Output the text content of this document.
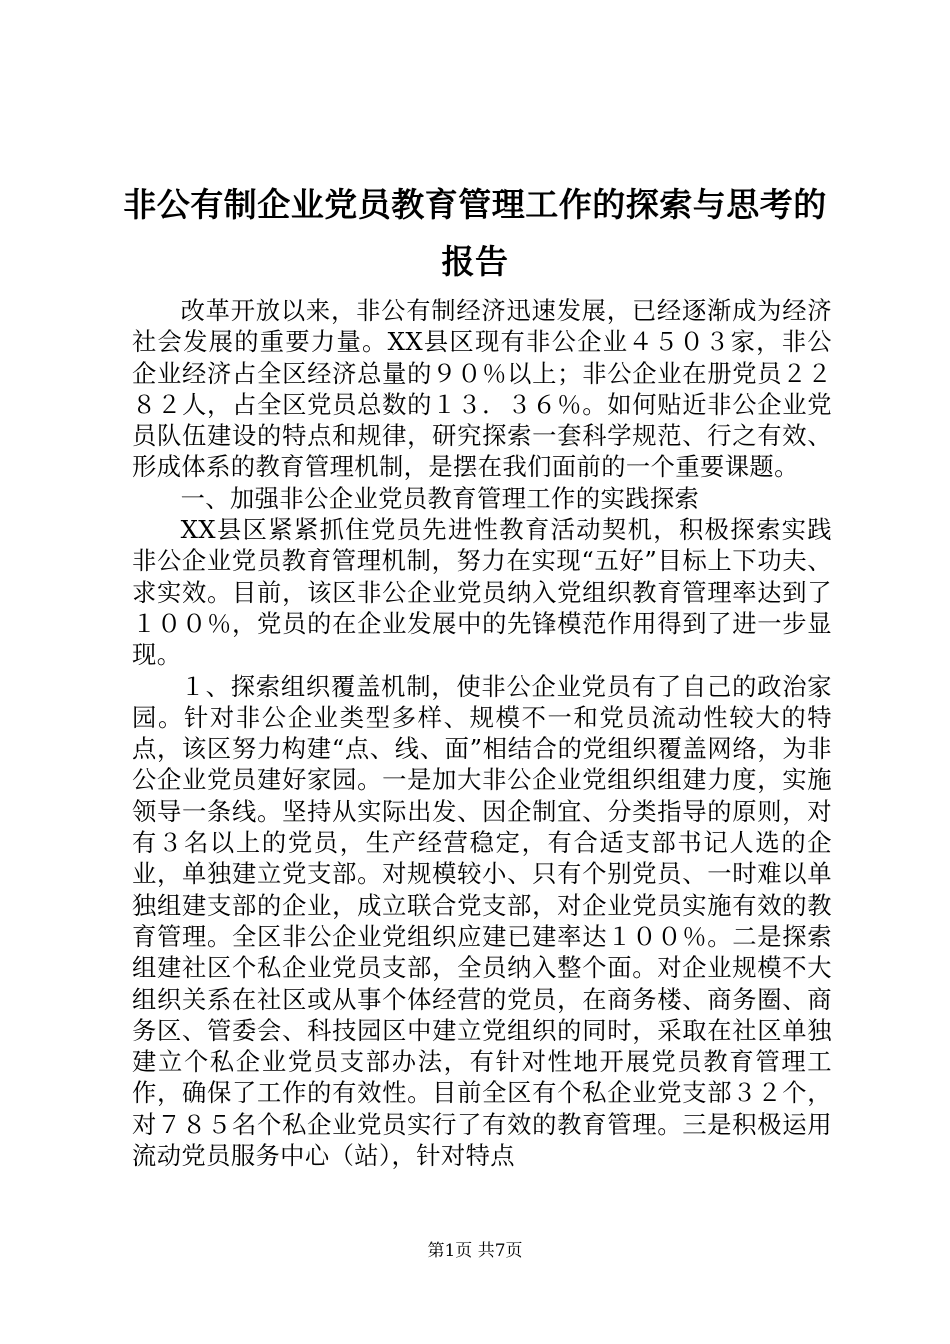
非公有制企业党员教育管理工作的探索与思考的报告

改革开放以来，非公有制经济迅速发展，已经逐渐成为经济社会发展的重要力量。XX县区现有非公企业４５０３家，非公企业经济占全区经济总量的９０％以上；非公企业在册党员２２８２人，占全区党员总数的１３．３６％。如何贴近非公企业党员队伍建设的特点和规律，研究探索一套科学规范、行之有效、形成体系的教育管理机制，是摆在我们面前的一个重要课题。

一、加强非公企业党员教育管理工作的实践探索

XX县区紧紧抓住党员先进性教育活动契机，积极探索实践非公企业党员教育管理机制，努力在实现“五好”目标上下功夫、求实效。目前，该区非公企业党员纳入党组织教育管理率达到了１００％，党员的在企业发展中的先锋模范作用得到了进一步显现。

１、探索组织覆盖机制，使非公企业党员有了自己的政治家园。针对非公企业类型多样、规模不一和党员流动性较大的特点，该区努力构建“点、线、面”相结合的党组织覆盖网络，为非公企业党员建好家园。一是加大非公企业党组织组建力度，实施领导一条线。坚持从实际出发、因企制宜、分类指导的原则，对有３名以上的党员，生产经营稳定，有合适支部书记人选的企业，单独建立党支部。对规模较小、只有个别党员、一时难以单独组建支部的企业，成立联合党支部，对企业党员实施有效的教育管理。全区非公企业党组织应建已建率达１００％。二是探索组建社区个私企业党员支部，全员纳入整个面。对企业规模不大组织关系在社区或从事个体经营的党员，在商务楼、商务圈、商务区、管委会、科技园区中建立党组织的同时，采取在社区单独建立个私企业党员支部办法，有针对性地开展党员教育管理工作，确保了工作的有效性。目前全区有个私企业党支部３２个，对７８５名个私企业党员实行了有效的教育管理。三是积极运用流动党员服务中心（站），针对特点

第1页 共7页
